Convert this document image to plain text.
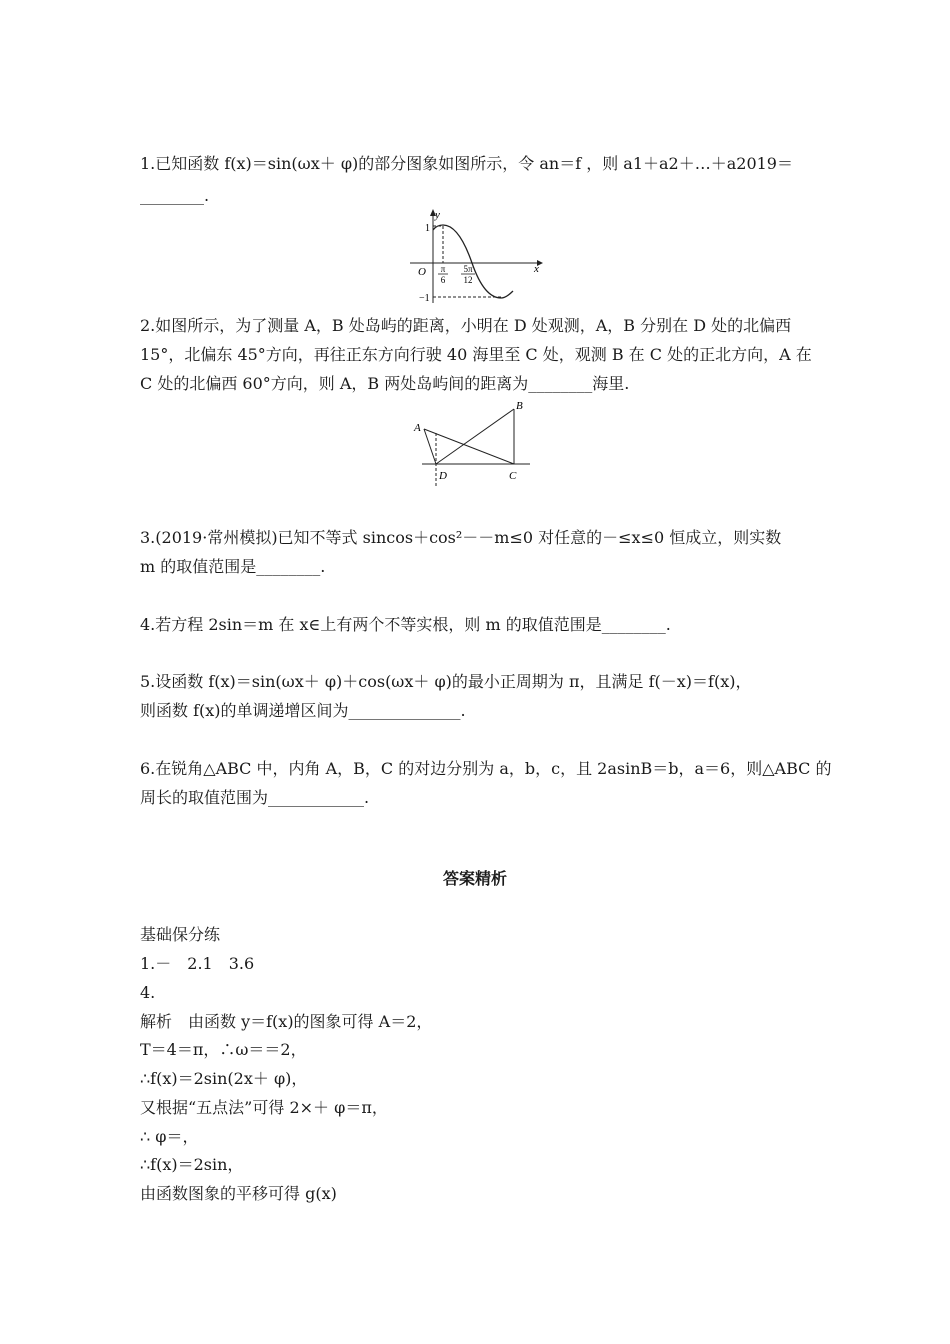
1.已知函数 f(x)＝sin(ωx＋ φ)的部分图象如图所示，令 an＝f ，则 a1＋a2＋…＋a2019＝
________.
y
x
O
1
−1
π
6
5π
12
2.如图所示，为了测量 A，B 处岛屿的距离，小明在 D 处观测，A，B 分别在 D 处的北偏西
15°，北偏东 45°方向，再往正东方向行驶 40 海里至 C 处，观测 B 在 C 处的正北方向，A 在
C 处的北偏西 60°方向，则 A，B 两处岛屿间的距离为________海里.
A
B
C
D
3.(2019·常州模拟)已知不等式 sincos＋cos²－－m≤0 对任意的－≤x≤0 恒成立，则实数
m 的取值范围是________.
4.若方程 2sin＝m 在 x∈上有两个不等实根，则 m 的取值范围是________.
5.设函数 f(x)＝sin(ωx＋ φ)＋cos(ωx＋ φ)的最小正周期为 π，且满足 f(－x)＝f(x)，
则函数 f(x)的单调递增区间为______________.
6.在锐角△ABC 中，内角 A，B，C 的对边分别为 a，b，c，且 2asinB＝b，a＝6，则△ABC 的
周长的取值范围为____________.
答案精析
基础保分练
1.－　2.1　3.6
4.
解析　由函数 y＝f(x)的图象可得 A＝2，
T＝4＝π，∴ω＝＝2，
∴f(x)＝2sin(2x＋ φ)，
又根据“五点法”可得 2×＋ φ＝π，
∴ φ＝，
∴f(x)＝2sin，
由函数图象的平移可得 g(x)
